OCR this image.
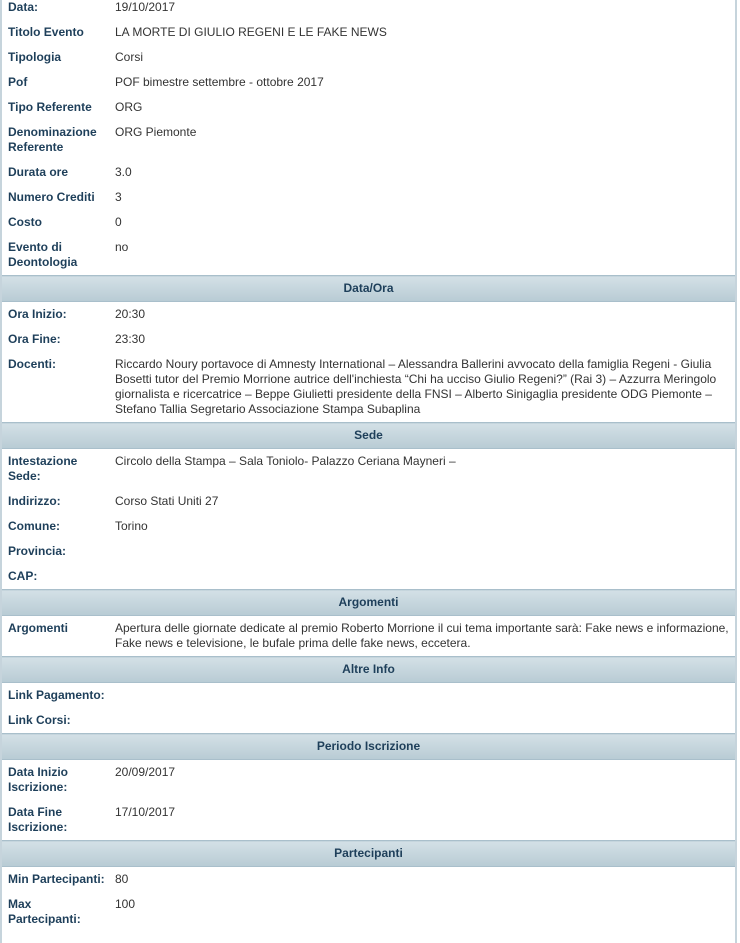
Data:	19/10/2017
Titolo Evento	LA MORTE DI GIULIO REGENI E LE FAKE NEWS
Tipologia	Corsi
Pof	POF bimestre settembre - ottobre 2017
Tipo Referente	ORG
Denominazione Referente	ORG Piemonte
Durata ore	3.0
Numero Crediti	3
Costo	0
Evento di Deontologia	no
Data/Ora	
Ora Inizio:	20:30
Ora Fine:	23:30
Docenti:	Riccardo Noury portavoce di Amnesty International – Alessandra Ballerini avvocato della famiglia Regeni - Giulia Bosetti tutor del Premio Morrione autrice dell'inchiesta “Chi ha ucciso Giulio Regeni?” (Rai 3) – Azzurra Meringolo giornalista e ricercatrice – Beppe Giulietti presidente della FNSI – Alberto Sinigaglia presidente ODG Piemonte – Stefano Tallia Segretario Associazione Stampa Subaplina
Sede	
Intestazione Sede:	Circolo della Stampa – Sala Toniolo- Palazzo Ceriana Mayneri –
Indirizzo:	Corso Stati Uniti 27
Comune:	Torino
Provincia:	
CAP:	
Argomenti	
Argomenti	Apertura delle giornate dedicate al premio Roberto Morrione il cui tema importante sarà: Fake news e informazione, Fake news e televisione, le bufale prima delle fake news, eccetera.
Altre Info	
Link Pagamento:	
Link Corsi:	
Periodo Iscrizione	
Data Inizio Iscrizione:	20/09/2017
Data Fine Iscrizione:	17/10/2017
Partecipanti	
Min Partecipanti:	80
Max Partecipanti:	100
